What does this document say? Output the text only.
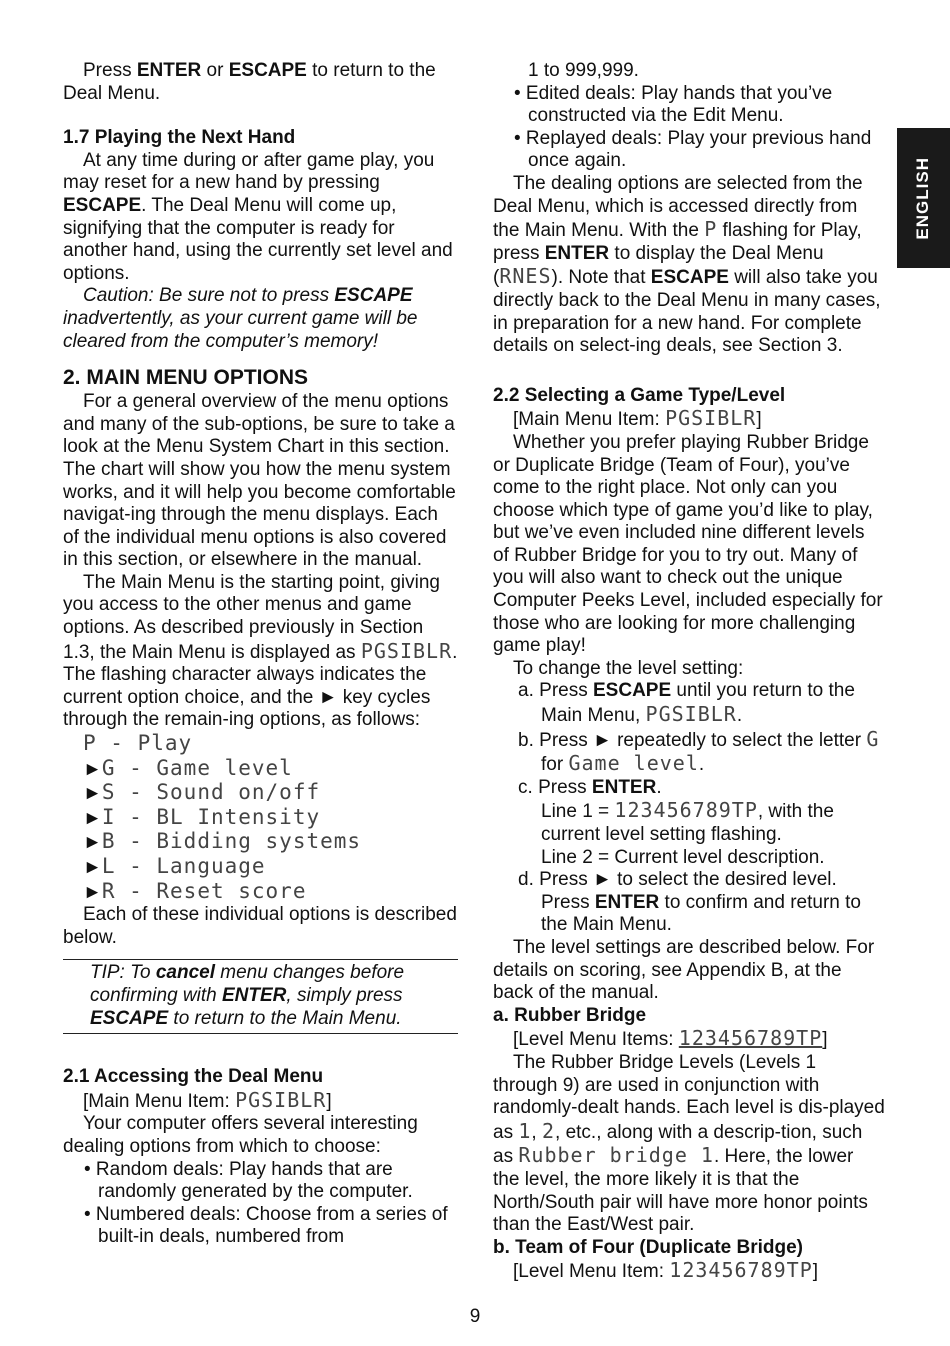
ENGLISH

Press ENTER or ESCAPE to return to the Deal Menu.

1.7 Playing the Next Hand

At any time during or after game play, you may reset for a new hand by pressing ESCAPE. The Deal Menu will come up, signifying that the computer is ready for another hand, using the currently set level and options.

Caution: Be sure not to press ESCAPE inadvertently, as your current game will be cleared from the computer’s memory!

2. MAIN MENU OPTIONS

For a general overview of the menu options and many of the sub-options, be sure to take a look at the Menu System Chart in this section. The chart will show you how the menu system works, and it will help you become comfortable navigat-ing through the menu displays. Each of the individual menu options is also covered in this section, or elsewhere in the manual.

The Main Menu is the starting point, giving you access to the other menus and game options. As described previously in Section 1.3, the Main Menu is displayed as PGSIBLR. The flashing character always indicates the current option choice, and the ► key cycles through the remain-ing options, as follows:

P - Play
►G - Game level
►S - Sound on/off
►I - BL Intensity
►B - Bidding systems
►L - Language
►R - Reset score

Each of these individual options is described below.

TIP: To cancel menu changes before confirming with ENTER, simply press ESCAPE to return to the Main Menu.
2.1 Accessing the Deal Menu

[Main Menu Item: PGSIBLR]

Your computer offers several interesting dealing options from which to choose:

• Random deals: Play hands that are randomly generated by the computer.

• Numbered deals: Choose from a series of built-in deals, numbered from

1 to 999,999.

• Edited deals: Play hands that you’ve constructed via the Edit Menu.

• Replayed deals: Play your previous hand once again.

The dealing options are selected from the Deal Menu, which is accessed directly from the Main Menu. With the P flashing for Play, press ENTER to display the Deal Menu (RNES). Note that ESCAPE will also take you directly back to the Deal Menu in many cases, in preparation for a new hand. For complete details on select-ing deals, see Section 3.

2.2 Selecting a Game Type/Level

[Main Menu Item: PGSIBLR]

Whether you prefer playing Rubber Bridge or Duplicate Bridge (Team of Four), you’ve come to the right place. Not only can you choose which type of game you’d like to play, but we’ve even included nine different levels of Rubber Bridge for you to try out. Many of you will also want to check out the unique Computer Peeks Level, included especially for those who are looking for more challenging game play!

To change the level setting:

a. Press ESCAPE until you return to the Main Menu, PGSIBLR.
b. Press ► repeatedly to select the letter G for Game level.
c. Press ENTER.
Line 1 = 123456789TP, with the current level setting flashing.
Line 2 = Current level description.
d. Press ► to select the desired level.
Press ENTER to confirm and return to the Main Menu.

The level settings are described below. For details on scoring, see Appendix B, at the back of the manual.

a. Rubber Bridge

[Level Menu Items: 123456789TP]

The Rubber Bridge Levels (Levels 1 through 9) are used in conjunction with randomly-dealt hands. Each level is dis-played as 1, 2, etc., along with a descrip-tion, such as Rubber bridge 1. Here, the lower the level, the more likely it is that the North/South pair will have more honor points than the East/West pair.

b. Team of Four (Duplicate Bridge)

[Level Menu Item: 123456789TP]

9
